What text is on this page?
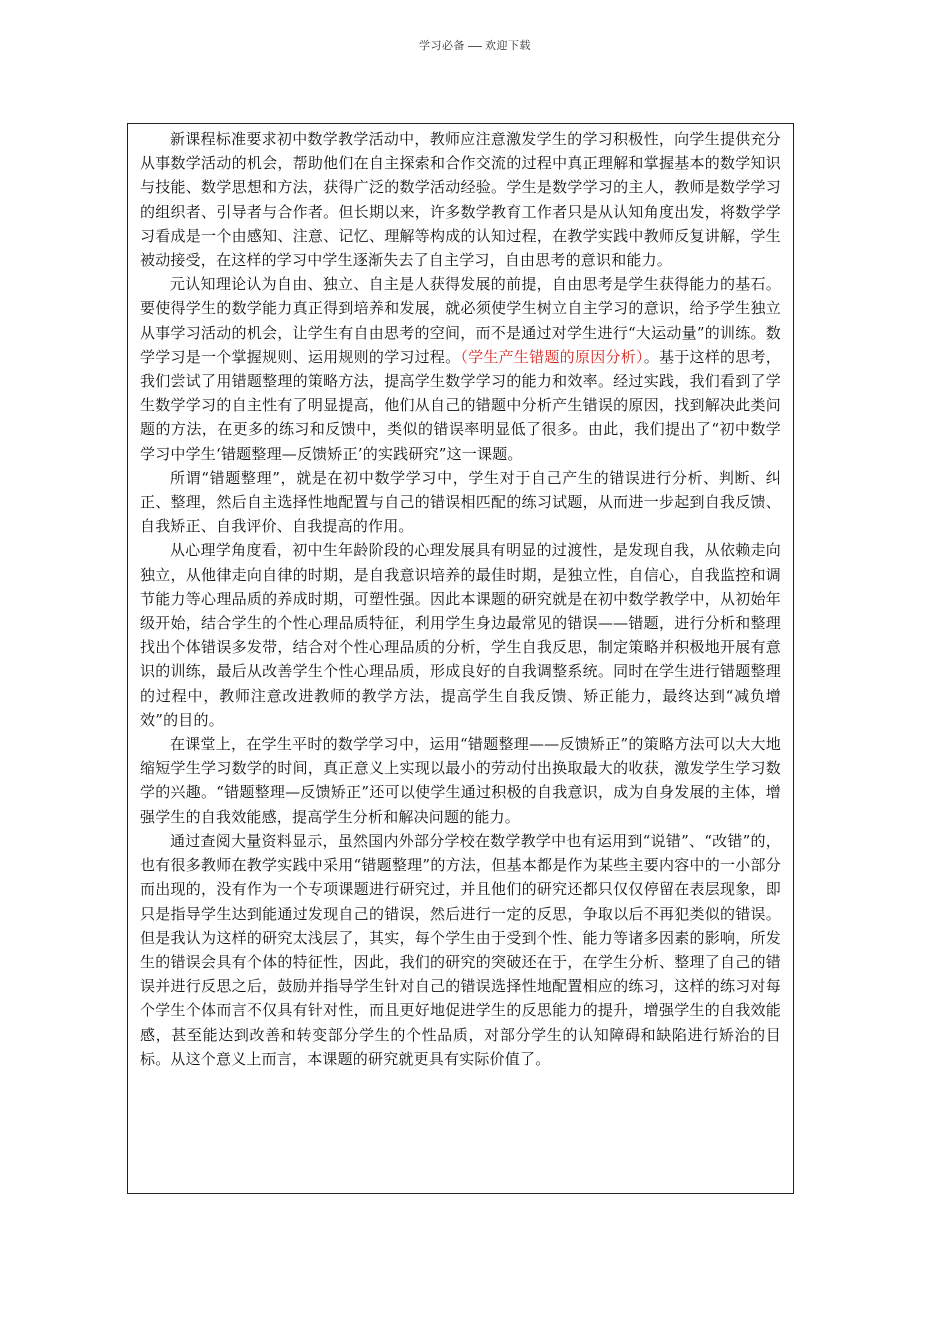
学习必备 欢迎下载

新课程标准要求初中数学教学活动中，教师应注意激发学生的学习积极性，向学生提供充分从事数学活动的机会，帮助他们在自主探索和合作交流的过程中真正理解和掌握基本的数学知识与技能、数学思想和方法，获得广泛的数学活动经验。学生是数学学习的主人，教师是数学学习的组织者、引导者与合作者。但长期以来，许多数学教育工作者只是从认知角度出发，将数学学习看成是一个由感知、注意、记忆、理解等构成的认知过程，在教学实践中教师反复讲解，学生被动接受，在这样的学习中学生逐渐失去了自主学习，自由思考的意识和能力。

元认知理论认为自由、独立、自主是人获得发展的前提，自由思考是学生获得能力的基石。要使得学生的数学能力真正得到培养和发展，就必须使学生树立自主学习的意识，给予学生独立从事学习活动的机会，让学生有自由思考的空间，而不是通过对学生进行“大运动量”的训练。数学学习是一个掌握规则、运用规则的学习过程。（学生产生错题的原因分析）。基于这样的思考，我们尝试了用错题整理的策略方法，提高学生数学学习的能力和效率。经过实践，我们看到了学生数学学习的自主性有了明显提高，他们从自己的错题中分析产生错误的原因，找到解决此类问题的方法，在更多的练习和反馈中，类似的错误率明显低了很多。由此，我们提出了“初中数学学习中学生‘错题整理—反馈矫正’的实践研究”这一课题。

所谓“错题整理”，就是在初中数学学习中，学生对于自己产生的错误进行分析、判断、纠正、整理，然后自主选择性地配置与自己的错误相匹配的练习试题，从而进一步起到自我反馈、自我矫正、自我评价、自我提高的作用。

从心理学角度看，初中生年龄阶段的心理发展具有明显的过渡性，是发现自我，从依赖走向独立，从他律走向自律的时期，是自我意识培养的最佳时期，是独立性，自信心，自我监控和调节能力等心理品质的养成时期，可塑性强。因此本课题的研究就是在初中数学教学中，从初始年级开始，结合学生的个性心理品质特征，利用学生身边最常见的错误——错题，进行分析和整理找出个体错误多发带，结合对个性心理品质的分析，学生自我反思，制定策略并积极地开展有意识的训练，最后从改善学生个性心理品质，形成良好的自我调整系统。同时在学生进行错题整理的过程中，教师注意改进教师的教学方法，提高学生自我反馈、矫正能力，最终达到“减负增效”的目的。

在课堂上，在学生平时的数学学习中，运用“错题整理——反馈矫正”的策略方法可以大大地缩短学生学习数学的时间，真正意义上实现以最小的劳动付出换取最大的收获，激发学生学习数学的兴趣。“错题整理—反馈矫正”还可以使学生通过积极的自我意识，成为自身发展的主体，增强学生的自我效能感，提高学生分析和解决问题的能力。

通过查阅大量资料显示，虽然国内外部分学校在数学教学中也有运用到“说错”、“改错”的，也有很多教师在教学实践中采用“错题整理”的方法，但基本都是作为某些主要内容中的一小部分而出现的，没有作为一个专项课题进行研究过，并且他们的研究还都只仅仅停留在表层现象，即只是指导学生达到能通过发现自己的错误，然后进行一定的反思，争取以后不再犯类似的错误。但是我认为这样的研究太浅层了，其实，每个学生由于受到个性、能力等诸多因素的影响，所发生的错误会具有个体的特征性，因此，我们的研究的突破还在于，在学生分析、整理了自己的错误并进行反思之后，鼓励并指导学生针对自己的错误选择性地配置相应的练习，这样的练习对每个学生个体而言不仅具有针对性，而且更好地促进学生的反思能力的提升，增强学生的自我效能感，甚至能达到改善和转变部分学生的个性品质，对部分学生的认知障碍和缺陷进行矫治的目标。从这个意义上而言，本课题的研究就更具有实际价值了。
